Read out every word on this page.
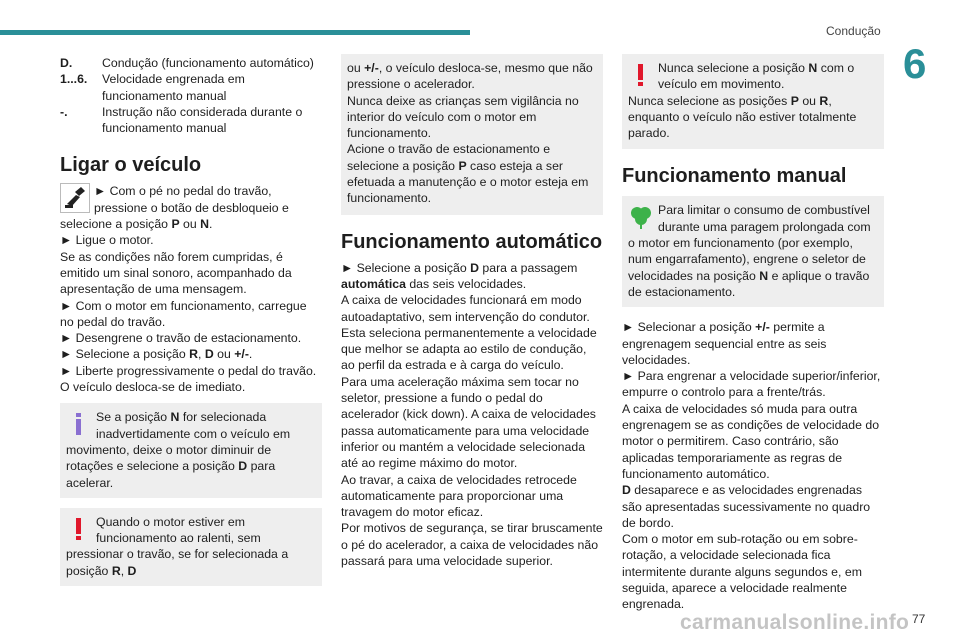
Condução
6
D.	Condução (funcionamento automático)
1...6.	Velocidade engrenada em funcionamento manual
-.	Instrução não considerada durante o funcionamento manual
Ligar o veículo

► Com o pé no pedal do travão, pressione o botão de desbloqueio e selecione a posição P ou N.

► Ligue o motor.
Se as condições não forem cumpridas, é emitido um sinal sonoro, acompanhado da apresentação de uma mensagem.
► Com o motor em funcionamento, carregue no pedal do travão.
► Desengrene o travão de estacionamento.

► Selecione a posição R, D ou +/-.

► Liberte progressivamente o pedal do travão.
O veículo desloca-se de imediato.

Se a posição N for selecionada inadvertidamente com o veículo em movimento, deixe o motor diminuir de rotações e selecione a posição D para acelerar.
Quando o motor estiver em funcionamento ao ralenti, sem pressionar o travão, se for selecionada a posição R, D
ou +/-, o veículo desloca-se, mesmo que não pressione o acelerador.
Nunca deixe as crianças sem vigilância no interior do veículo com o motor em funcionamento.
Acione o travão de estacionamento e selecione a posição P caso esteja a ser efetuada a manutenção e o motor esteja em funcionamento.
Funcionamento automático

► Selecione a posição D para a passagem automática das seis velocidades.

A caixa de velocidades funcionará em modo autoadaptativo, sem intervenção do condutor.
Esta seleciona permanentemente a velocidade que melhor se adapta ao estilo de condução, ao perfil da estrada e à carga do veículo.
Para uma aceleração máxima sem tocar no seletor, pressione a fundo o pedal do acelerador (kick down). A caixa de velocidades passa automaticamente para uma velocidade inferior ou mantém a velocidade selecionada até ao regime máximo do motor.
Ao travar, a caixa de velocidades retrocede automaticamente para proporcionar uma travagem do motor eficaz.
Por motivos de segurança, se tirar bruscamente o pé do acelerador, a caixa de velocidades não passará para uma velocidade superior.

Nunca selecione a posição N com o veículo em movimento.
Nunca selecione as posições P ou R, enquanto o veículo não estiver totalmente parado.
Funcionamento manual
Para limitar o consumo de combustível durante uma paragem prolongada com o motor em funcionamento (por exemplo, num engarrafamento), engrene o seletor de velocidades na posição N e aplique o travão de estacionamento.

► Selecionar a posição +/- permite a engrenagem sequencial entre as seis velocidades.

► Para engrenar a velocidade superior/inferior, empurre o controlo para a frente/trás.
A caixa de velocidades só muda para outra engrenagem se as condições de velocidade do motor o permitirem. Caso contrário, são aplicadas temporariamente as regras de funcionamento automático.

D desaparece e as velocidades engrenadas são apresentadas sucessivamente no quadro de bordo.
Com o motor em sub-rotação ou em sobre-rotação, a velocidade selecionada fica intermitente durante alguns segundos e, em seguida, aparece a velocidade realmente engrenada.

carmanualsonline.info 77
